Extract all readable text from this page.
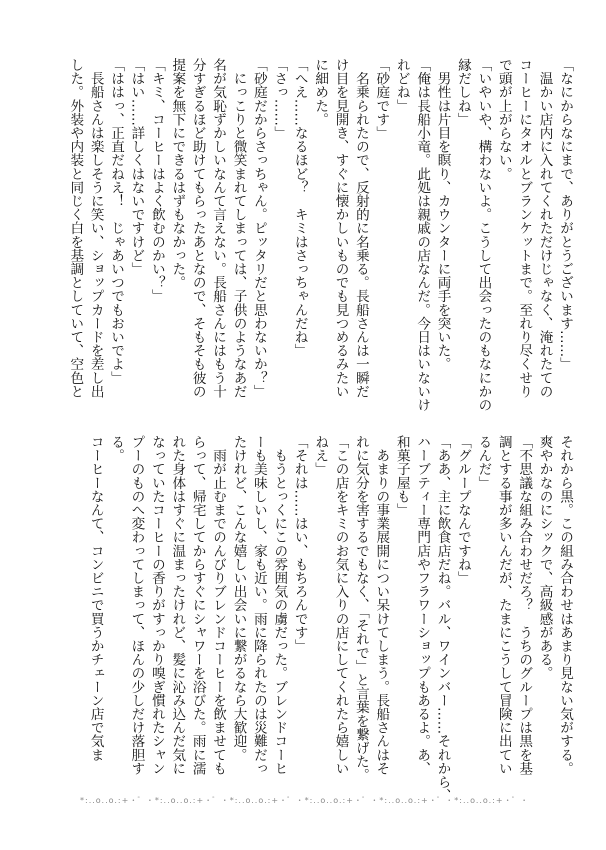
「なにからなにまで、ありがとうございます……」
　温かい店内に入れてくれただけじゃなく、淹れたての
コーヒーにタオルとブランケットまで。至れり尽くせり
で頭が上がらない。
「いやいや、構わないよ。こうして出会ったのもなにかの
縁だしね」
　男性は片目を瞑り、カウンターに両手を突いた。
「俺は長船小竜。此処は親戚の店なんだ。今日はいないけ
れどね」
「砂庭です」
　名乗られたので、反射的に名乗る。長船さんは一瞬だ
け目を見開き、すぐに懐かしいものでも見つめるみたい
に細めた。
「へえ……なるほど？　キミはさっちゃんだね」
「さっ……」
「砂庭だからさっちゃん。ピッタリだと思わないか？」
　にっこりと微笑まれてしまっては、子供のようなあだ
名が気恥ずかしいなんて言えない。長船さんにはもう十
分すぎるほど助けてもらったあとなので、そもそも彼の
提案を無下にできるはずもなかった。
「キミ、コーヒーはよく飲むのかい？」
「はい……詳しくはないですけど」
「ははっ、正直だねえ！　じゃあいつでもおいでよ」
　長船さんは楽しそうに笑い、ショップカードを差し出
した。外装や内装と同じく白を基調としていて、空色と
それから黒。この組み合わせはあまり見ない気がする。
爽やかなのにシックで、高級感がある。
「不思議な組み合わせだろ？　うちのグループは黒を基
調とする事が多いんだが、たまにこうして冒険に出てい
るんだ」
「グループなんですね」
「ああ、主に飲食店だね。バル、ワインバー……それから、
ハーブティー専門店やフラワーショップもあるよ。あ、
和菓子屋も」
　あまりの事業展開につい呆けてしまう。長船さんはそ
れに気分を害するでもなく、「それで」と言葉を繋げた。
「この店をキミのお気に入りの店にしてくれたら嬉しい
ねえ」
「それは……はい、もちろんです」
　もうとっくにこの雰囲気の虜だった。ブレンドコーヒ
ーも美味しいし、家も近い。雨に降られたのは災難だっ
たけれど、こんな嬉しい出会いに繋がるなら大歓迎。
　雨が止むまでのんびりブレンドコーヒーを飲ませても
らって、帰宅してからすぐにシャワーを浴びた。雨に濡
れた身体はすぐに温まったけれど、髪に沁み込んだ気に
なっていたコーヒーの香りがすっかり嗅ぎ慣れたシャン
プーのものへ変わってしまって、ほんの少しだけ落胆す
る。
コーヒーなんて、コンビニで買うかチェーン店で気ま
*:..o..o.:+・ﾟ ・*:..o..o.:+・ﾟ ・*:..o..o.:+・ﾟ ・*:..o..o.:+・ﾟ ・*:..o..o.:+・ﾟ ・*:..o..o.:+・ﾟ ・
